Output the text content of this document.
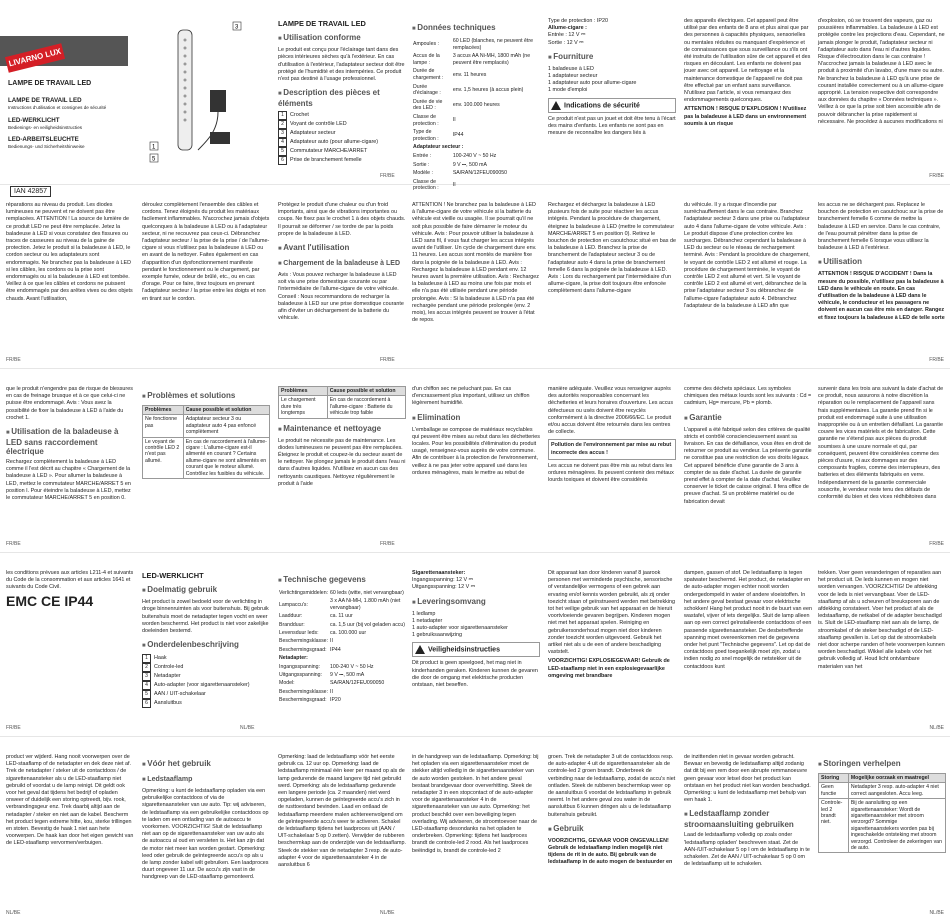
LIVARNO LUX
LAMPE DE TRAVAIL LED
LAMPE DE TRAVAIL LED
Instructions d'utilisation et consignes de sécurité
LED-WERKLICHT
Bedienings- en veiligheidsinstructies
LED-ARBEITSLEUCHTE
Bedienungs- und Sicherheitshinweise
IAN 42857
1
5
3	LAMPE DE TRAVAIL LED
■ Utilisation conforme

Le produit est conçu pour l'éclairage tant dans des pièces intérieures sèches qu'à l'extérieur. En cas d'utilisation à l'extérieur, l'adaptateur secteur doit être protégé de l'humidité et des intempéries. Ce produit n'est pas destiné à l'usage professionnel.

■ Description des pièces et éléments
1 Crochet
2 Voyant de contrôle LED
3 Adaptateur secteur
4 Adaptateur auto (pour allume-cigare)
5 Commutateur MARCHE/ARRET
6 Prise de branchement femelle
■ Données techniques
Ampoules :	60 LED (blanches, ne peuvent être remplacées)
Accus de la lampe :	3 accus AA Ni-MH, 1800 mAh (ne peuvent être remplacés)
Durée de chargement :	env. 11 heures
Durée d'éclairage :	env. 1,5 heures (à accus plein)
Durée de vie des LED :	env. 100.000 heures
Classe de protection :	II
Type de protection :	IP44
Adaptateur secteur :	
Entrée :	100-240 V ~ 50 Hz
Sortie :	9 V ⎓, 500 mA
Modèle :	SA/RAN/12FEU090050
Classe de protection :	II
Type de protection : IP20
Allume-cigare :
Entrée : 12 V ⎓
Sortie : 12 V ⎓
■ Fourniture
1 baladeuse à LED
1 adaptateur secteur
1 adaptateur auto pour allume-cigare
1 mode d'emploi
Indications de sécurité

Ce produit n'est pas un jouet et doit être tenu à l'écart des mains d'enfants. Les enfants ne sont pas en mesure de reconnaître les dangers liés à

des appareils électriques. Cet appareil peut être utilisé par des enfants de 8 ans et plus ainsi que par des personnes à capacités physiques, sensorielles ou mentales réduites ou manquant d'expérience et de connaissances que sous surveillance ou s'ils ont été instruits de l'utilisation sûre de cet appareil et des risques en découlant. Les enfants ne doivent pas jouer avec cet appareil. Le nettoyage et la maintenance domestique de l'appareil ne doit pas être effectué par un enfant sans surveillance. N'utilisez pas l'article, si vous remarquez des endommagements quelconques.

ATTENTION ! RISQUE D'EXPLOSION ! N'utilisez pas la baladeuse à LED dans un environnement soumis à un risque

d'explosion, où se trouvent des vapeurs, gaz ou poussières inflammables. La baladeuse à LED est protégée contre les projections d'eau. Cependant, ne jamais plonger le produit, l'adaptateur secteur ni l'adaptateur auto dans l'eau ni d'autres liquides. Risque d'électrocution dans le cas contraire ! N'accrochez jamais la baladeuse à LED avec le produit à proximité d'un lavabo, d'une mare ou autre. Ne branchez la baladeuse à LED qu'à une prise de courant installée correctement ou à un allume-cigare approprié. La tension respective doit correspondre aux données du chapitre « Données techniques ». Veillez à ce que la prise soit bien accessible afin de pouvoir débrancher la prise rapidement si nécessaire. Ne procédez à aucunes modifications ni

FR/BE	FR/BE

réparations au niveau du produit. Les diodes lumineuses ne peuvent et ne doivent pas être remplacées. ATTENTION ! La source de lumière de ce produit LED ne peut être remplacée. Jetez la baladeuse à LED si vous constatez des fissures ou traces de casseures au niveau de la gaine de protection. Jetez le produit si la baladeuse à LED, le cordon secteur ou les adaptateurs sont endommagés. Ne branchez pas la baladeuse à LED si les câbles, les cordons ou la prise sont endommagés ou si la baladeuse à LED est tombée. Veillez à ce que les câbles et cordons ne puissent être endommagés par des arêtes vives ou des objets chauds. Avant l'utilisation,

déroulez complètement l'ensemble des câbles et cordons. Tenez éloignés du produit les matériaux facilement inflammables. N'accrochez jamais d'objets quelconques à la baladeuse à LED ou à l'adaptateur secteur, ni ne recouvrez pas ceux-ci. Débranchez l'adaptateur secteur / la prise de la prise / de l'allume-cigare si vous n'utilisez pas la baladeuse à LED ou en avant de la nettoyer. Faites également en cas d'apparition d'un dysfonctionnement manifeste pendant le fonctionnement ou le chargement, par exemple fumée, odeur de brûlé, etc., ou en cas d'orage. Pour ce faire, tirez toujours en prenant l'adaptateur secteur / la prise entre les doigts et non en tirant sur le cordon.

Protégez le produit d'une chaleur ou d'un froid importants, ainsi que de vibrations importantes ou coups. Ne fixez pas le crochet 1 à des objets chauds. Il pourrait se déformer / se tordre de par la poids propre de la baladeuse à LED.

■ Avant l'utilisation
■ Chargement de la baladeuse à LED

Avis : Vous pouvez recharger la baladeuse à LED soit via une prise domestique courante ou par l'intermédiaire de l'allume-cigare de votre véhicule. Conseil : Nous recommandons de recharger la baladeuse à LED sur une prise domestique courante afin d'éviter un déchargement de la batterie du véhicule.

ATTENTION ! Ne branchez pas la baladeuse à LED à l'allume-cigare de votre véhicule si la batterie du véhicule est vieille ou usagée. Il se pourrait qu'il ne soit plus possible de faire démarrer le moteur du véhicule. Avis : Pour pouvoir utiliser la baladeuse à LED sans fil, il vous faut charger les accus intégrés avant de l'utiliser. Un cycle de chargement dure env. 11 heures. Les accus sont montés de manière fixe dans la poignée de la baladeuse à LED. Avis : Rechargez la baladeuse à LED pendant env. 12 heures avant la première utilisation. Avis : Rechargez la baladeuse à LED au moins une fois par mois et elle n'a pas été utilisée pendant une période prolongée. Avis : Si la baladeuse à LED n'a pas été rechargée pendant une période prolongée (env. 2 mois), les accus intégrés peuvent se trouver à l'état de repos.

Rechargez et déchargez la baladeuse à LED plusieurs fois de suite pour réactiver les accus intégrés. Pendant la procédure de chargement, éteignez la baladeuse à LED (mettre le commutateur MARCHE/ARRET 5 en position 0). Retirez le bouchon de protection en caoutchouc situé en bas de la baladeuse à LED. Branchez la prise de branchement de l'adaptateur secteur 3 ou de l'adaptateur auto 4 dans la prise de branchement femelle 6 dans la poignée de la baladeuse à LED. Avis : Lors du rechargement par l'intermédiaire d'un allume-cigare, la prise doit toujours être enfoncée complètement dans l'allume-cigare

du véhicule. Il y a risque d'incendie par surréchauffement dans le cas contraire. Branchez l'adaptateur secteur 3 dans une prise ou l'adaptateur auto 4 dans l'allume-cigare de votre véhicule. Avis : Le produit dispose d'une protection contre les surcharges. Débranchez cependant la baladeuse à LED du secteur ou le réseau de rechargement terminé. Avis : Pendant la procédure de chargement, le voyant de contrôle LED 2 est allumé et rouge. La procédure de chargement terminée, le voyant de contrôle LED 2 est allumé et vert. Si le voyant de contrôle LED 2 est allumé et vert, débranchez de la prise l'adaptateur secteur 3 ou débranchez de l'allume-cigare l'adaptateur auto 4. Débranchez l'adaptateur de la baladeuse à LED afin que

les accus ne se déchargent pas. Replacez le bouchon de protection en caoutchouc sur la prise de branchement femelle 6 comme de mettre la baladeuse à LED en service. Dans le cas contraire, de l'eau pourrait pénétrer dans la prise de branchement femelle 6 lorsque vous utilisez la baladeuse à LED à l'extérieur.

■ Utilisation

ATTENTION ! RISQUE D'ACCIDENT ! Dans la mesure du possible, n'utilisez pas la baladeuse à LED dans le véhicule en route. En cas d'utilisation de la baladeuse à LED dans le véhicule, le conducteur et les passagers ne doivent en aucun cas être mis en danger. Rangez et fixez toujours la baladeuse à LED de telle sorte

FR/BE	FR/BE	FR/BE

que le produit n'engendre pas de risque de blessures en cas de freinage brusque et à ce que celui-ci ne puisse être endommagé. Avis : Vous avez la possibilité de fixer la baladeuse à LED à l'aide du crochet 1.

■ Utilisation de la baladeuse à LED sans raccordement électrique

Rechargez complètement la baladeuse à LED comme il l'est décrit au chapitre « Chargement de la baladeuse à LED ». Pour allumer la baladeuse à LED, mettez le commutateur MARCHE/ARRET 5 en position I. Pour éteindre la baladeuse à LED, mettez le commutateur MARCHE/ARRET 5 en position 0.

■ Problèmes et solutions
Problèmes	Cause possible et solution
Ne fonctionne pas	Adaptateur secteur 3 ou adaptateur auto 4 pas enfoncé complètement
Le voyant de contrôle LED 2 n'est pas allumé.	En cas de raccordement à l'allume-cigare : L'allume-cigare est-il alimenté en courant ? Certains allume-cigare ne sont alimentés en courant que le moteur allumé. Contrôlez les fusibles du véhicule.
Problèmes	Cause possible et solution
Le chargement dure très longtemps	En cas de raccordement à l'allume-cigare : Batterie du véhicule trop faible
■ Maintenance et nettoyage

Le produit ne nécessite pas de maintenance. Les diodes lumineuses ne peuvent pas être remplacées. Éteignez le produit et coupez-le du secteur avant de le nettoyer. Ne plongez jamais le produit dans l'eau ni dans d'autres liquides. N'utilisez en aucun cas des nettoyants caustiques. Nettoyez régulièrement le produit à l'aide

d'un chiffon sec ne peluchant pas. En cas d'encrassement plus important, utilisez un chiffon légèrement humidifié.

■ Elimination

L'emballage se compose de matériaux recyclables qui peuvent être mises au rebut dans les déchetteries locales. Pour les possibilités d'élimination du produit usagé, renseignez-vous auprès de votre commune. Afin de contribuer à la protection de l'environnement, veillez à ne pas jeter votre appareil usé dans les ordures ménagères, mais le mettre au rebut de

manière adéquate. Veuillez vous renseigner auprès des autorités responsables concernant les déchetteries et leurs horaires d'ouverture. Les accus défectueux ou usés doivent être recyclés conformément à la directive 2006/66/EC. Le produit et/ou accus doivent être retournés dans les centres de collecte.

Pollution de l'environnement par mise au rebut incorrecte des accus !

Les accus ne doivent pas être mis au rebut dans les ordures ménagères. Ils peuvent contenir des métaux lourds toxiques et doivent être considérés

comme des déchets spéciaux. Les symboles chimiques des métaux lourds sont les suivants : Cd = cadmium, Hg= mercure, Pb = plomb.

■ Garantie

L'appareil a été fabriqué selon des critères de qualité stricts et contrôlé consciencieusement avant sa livraison. En cas de défaillance, vous êtes en droit de retourner ce produit au vendeur. La présente garantie ne constitue pas une restriction de vos droits légaux. Cet appareil bénéficie d'une garantie de 3 ans à compter de sa date d'achat. La durée de garantie prend effet à compter de la date d'achat. Veuillez conserver le ticket de caisse original. Il fera office de preuve d'achat. Si un problème matériel ou de fabrication devait

survenir dans les trois ans suivant la date d'achat de ce produit, nous assurons à notre discrétion la réparation ou le remplacement de l'appareil sans frais supplémentaires. La garantie prend fin si le produit est endommagé suite à une utilisation inappropriée ou à un entretien défaillant. La garantie couvre les vices matériels et de fabrication. Cette garantie ne s'étend pas aux pièces du produit soumises à une usure normale et qui, par conséquent, peuvent être considérées comme des pièces d'usure, ni aux dommages sur des composants fragiles, comme des interrupteurs, des batteries et des éléments fabriqués en verre. Indépendamment de la garantie commerciale souscrite, le vendeur reste tenu des défauts de conformité du bien et des vices rédhibitoires dans

FR/BE	FR/BE	FR/BE

les conditions prévues aux articles L211-4 et suivants du Code de la consommation et aux articles 1641 et suivants du Code Civil.

EMC CE IP44
LED-WERKLICHT
■ Doelmatig gebruik

Het product is zowel bedoeld voor de verlichting in droge binnenruimten als voor buitenshuis. Bij gebruik buitenshuis moet de netadapter tegen vocht en weer worden beschermd. Het product is niet voor zakelijke doeleinden bestemd.

■ Onderdelenbeschrijving
1 Haak
2 Controle-led
3 Netadapter
4 Auto-adapter (voor sigarettenaansteker)
5 AAN / UIT-schakelaar
6 Aansluitbus
■ Technische gegevens
Verlichtingsmiddelen:	60 leds (witte, niet vervangbaar)
Lampaccu's:	3 x AA Ni-MH, 1.800 mAh (niet vervangbaar)
Laadduur:	ca. 11 uur
Brandduur:	ca. 1,5 uur (bij vol geladen accu)
Levensduur leds:	ca. 100.000 uur
Beschermingsklasse:	II
Beschermingsgraad:	IP44
Netadapter:	
Ingangsspanning:	100-240 V ~ 50 Hz
Uitgangsspanning:	9 V ⎓, 500 mA
Model:	SA/RAN/12FEU090050
Beschermingsklasse:	II
Beschermingsgraad:	IP20
Sigarettenaansteker:
Ingangsspanning: 12 V ⎓
Uitgangsspanning: 12 V ⎓
■ Leveringsomvang
1 ledlamp
1 netadapter
1 auto-adapter voor sigarettenaansteker
1 gebruiksaanwijzing
Veiligheidsinstructies

Dit product is geen speelgoed, het mag niet in kinderhanden geraken. Kinderen kunnen de gevaren die door de omgang met elektrische producten ontstaan, niet beseffen.

Dit apparaat kan door kinderen vanaf 8 jaarook personen met verminderde psychische, sensorische of verstandelijke vermogens of een gebrek aan ervaring en/of kennis worden gebruikt, als zij onder toezicht staan of geïnstrueerd werden met betrekking tot het veilige gebruik van het apparaat en de hieruit voortvloeiende gevaren begrijpen. Kinderen mogen niet met het apparaat spelen. Reiniging en gebruikersonderhoud mogen niet door kinderen zonder toezicht worden uitgevoerd. Gebruik het artikel niet als u de een of andere beschadiging vaststelt.

VOORZICHTIG! EXPLOSIEGEVAAR! Gebruik de LED-staaflamp niet in een explosiegevaarlijke omgeving met brandbare

dampen, gassen of stof. De ledstaaflamp is tegen spatwater beschermd. Het product, de netadapter en de auto-adapter mogen echter nooit worden ondergedompeld in water of andere vloeistoffen. In het andere geval bestaat gevaar voor elektrische schokken! Hang het product nooit in de buurt van een wastafel, vijver of iets dergelijks. Sluit de lamp alleen aan op een correct geïnstalleerde contactdoos of een passende sigarettenaansteker. De desbetreffende spanning moet overeenkomen met de gegevens onder het punt "Technische gegevens". Let op dat de contactdoos goed toegankelijk moet zijn, zodat u indien nodig zo snel mogelijk de netstekker uit de contactdoos kunt

trekken. Voer geen veranderingen of reparaties aan het product uit. De leds kunnen en mogen niet worden vervangen. VOORZICHTIG! De afdekking voor de leds is niet vervangbaar. Voer de LED-staaflamp af als u scheuren of breuksporen aan de afdekking constateert. Voer het product af als de ledstaaflamp, de netkabel of de adapter beschadigd is. Sluit de LED-staaflamp niet aan als de lamp, de stroomkabel of de steker beschadigd of de LED-staaflamp gevallen is. Let op dat de stroomkabels niet door scherpe randen of hete voorwerpen kunnen worden beschadigd. Wikkel alle kabels vóór het gebruik volledig af. Houd licht ontvlambare materialen van het

FR/BE	NL/BE	NL/BE

product ver wijderd. Hang nooit voorwerpen over de LED-staaflamp of de netadapter en dek deze niet af. Trek de netadapter / steker uit de contactdoos / de sigarettenaansteker als u de LED-staaflamp niet gebruikt of voordat u de lamp reinigt. Dit geldt ook voor het geval dat tijdens het bedrijf of opladen onweer of duidelijk een storing optreedt, bijv. rook, verbrandingsgeur enz. Trek daarbij altijd aan de netadapter / steker en niet aan de kabel. Bescherm het product tegen extreme hitte, kou, sterke trillingen en stoten. Bevestig de haak 1 niet aan hete voorwerpen. De haak kan door het eigen gewicht van de LED-staaflamp vervormen/verbuigen.

■ Vóór het gebruik
■ Ledstaaflamp

Opmerking: u kunt de ledstaaflamp opladen via een gebruikelijke contactdoos of via de sigarettenaansteker van uw auto. Tip: wij adviseren, de ledstaaflamp via een gebruikelijke contactdoos op te laden om een ontlading van de autoaccu te voorkomen. VOORZICHTIG! Sluit de ledstaaflamp niet aan op de sigarettenaansteker van uw auto als de autoaccu al oud en versleten is. Het kan zijn dat de motor niet meer kan worden gestart. Opmerking: leed oder gebruik de geïntegreerde accu's op als u de lamp zonder kabel wilt gebruiken. Een laadproces duurt ongeveer 11 uur. De accu's zijn vast in de handgreep van de LED-staaflamp gemonteerd.

Opmerking: laad de ledstaaflamp vóór het eerste gebruik ca. 12 uur op. Opmerking: laad de ledstaaflamp minimaal één keer per maand op als de lamp gedurende de maand langere tijd niet gebruikt werd. Opmerking: als de ledstaaflamp gedurende een langere periode (ca. 2 maanden) niet werd opgeladen, kunnen de geïntegreerde accu's zich in de rusttoestand bevinden. Laad en ontlaad de ledstaaflamp meerdere malen achtereenvolgend om de geïntegreerde accu's weer te activeren. Schakel de ledstaaflamp tijdens het laadproces uit (AAN / UIT-schakelaar 5 op 0 zetten). Verwijder de rubberen beschermkap aan de onderzijde van de ledstaaflamp. Steek de stekker van de netadapter 3 resp. de auto-adapter 4 voor de sigarettenaansteker 4 in de aansluitbus 6

in de handgreep van de ledstaaflamp. Opmerking: bij het opladen via een sigarettenaansteker moet de stekker altijd volledig in de sigarettenaansteker van de auto worden gestoken. In het andere geval bestaat brandgevaar door oververhitting. Steek de netadapter 3 in een stopcontact of de auto-adapter voor de sigarettenaansteker 4 in de sigarettenaansteker van uw auto. Opmerking: het product beschikt over een beveiliging tegen overlading. Wij adviseren, de stroomtoevoer naar de LED-staaflamp desondanks na het opladen te onderbreken. Opmerking: tijdens het laadproces brandt de controle-led 2 rood. Als het laadproces beëindigd is, brandt de controle-led 2

groen. Trek de netadapter 3 uit de contactdoos resp. de auto-adapter 4 uit de sigarettenaansteker als de controle-led 2 groen brandt. Onderbreek de verbinding naar de ledstaaflamp, zodat de accu's niet ontladen. Steek de rubberen beschermkap weer op de aansluitbus 6 voordat de ledstaaflamp in gebruik neemt. In het andere geval zou water in de aansluitbus 6 kunnen dringen als u de ledstaaflamp buitenshuis gebruikt.

■ Gebruik

VOORZICHTIG, GEVAAR VOOR ONGEVALLEN! Gebruik de ledstaaflamp indien mogelijk niet tijdens de rit in de auto. Bij gebruik van de ledstaaflamp in de auto mogen de bestuurder en

de inzittenden niet in gevaar worden gebracht. Bewaar en bevestig de ledstaaflamp altijd zodanig dat dit bij een rem door een abrupte remmanoeuvre geen gevaar voor letsel door het product kan ontstaan en het product niet kan worden beschadigd. Opmerking: u kunt de ledstaaflamp met behulp van een haak 1.

■ Ledstaaflamp zonder stroomaansluiting gebruiken

Laad de ledstaaflamp volledig op zoals onder 'ledstaaflamp opladen' beschreven staat. Zet de AAN-/UIT-schakelaar 5 op I om de ledstaaflamp in te schakelen. Zet de AAN / UIT-schakelaar 5 op 0 om de ledstaaflamp uit te schakelen.

■ Storingen verhelpen
Storing	Mogelijke oorzaak en maatregel
Geen functie	Netadapter 3 resp. auto-adapter 4 niet correct aangesloten. Accu leeg.
Controle-led 2 brandt niet.	Bij de aansluiting op een sigarettenaansteker: Wordt de sigarettenaansteker met stroom verzorgd? Sommige sigarettenaanstekers worden pas bij ingeschakelde ontsteking met stroom verzorgd. Controleer de zekeringen van de auto.
NL/BE	NL/BE	NL/BE
